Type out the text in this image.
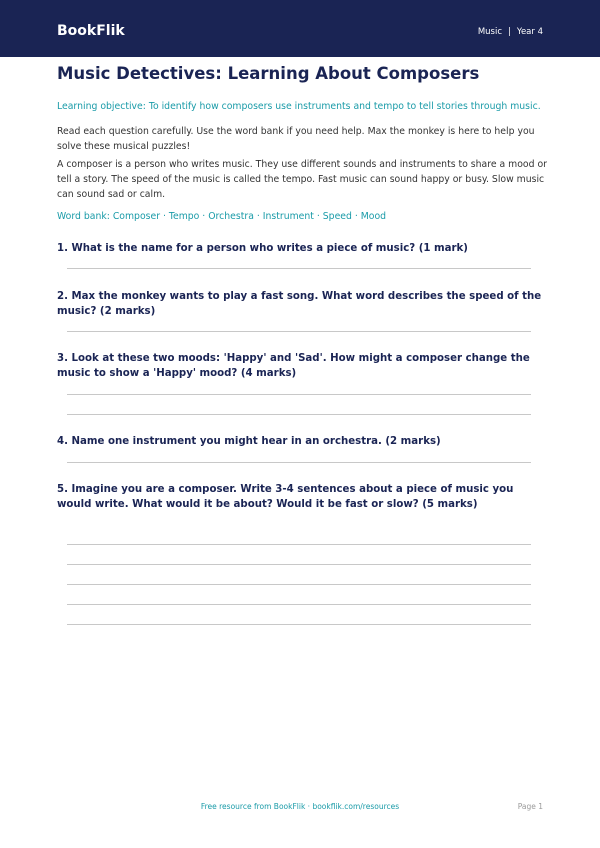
BookFlik	Music | Year 4
Music Detectives: Learning About Composers

Learning objective: To identify how composers use instruments and tempo to tell stories through music.

Read each question carefully. Use the word bank if you need help. Max the monkey is here to help you solve these musical puzzles!

A composer is a person who writes music. They use different sounds and instruments to share a mood or tell a story. The speed of the music is called the tempo. Fast music can sound happy or busy. Slow music can sound sad or calm.

Word bank: Composer · Tempo · Orchestra · Instrument · Speed · Mood

1. What is the name for a person who writes a piece of music? (1 mark)

2. Max the monkey wants to play a fast song. What word describes the speed of the music? (2 marks)

3. Look at these two moods: 'Happy' and 'Sad'. How might a composer change the music to show a 'Happy' mood? (4 marks)

4. Name one instrument you might hear in an orchestra. (2 marks)

5. Imagine you are a composer. Write 3-4 sentences about a piece of music you would write. What would it be about? Would it be fast or slow? (5 marks)

Free resource from BookFlik · bookflik.com/resources	Page 1
